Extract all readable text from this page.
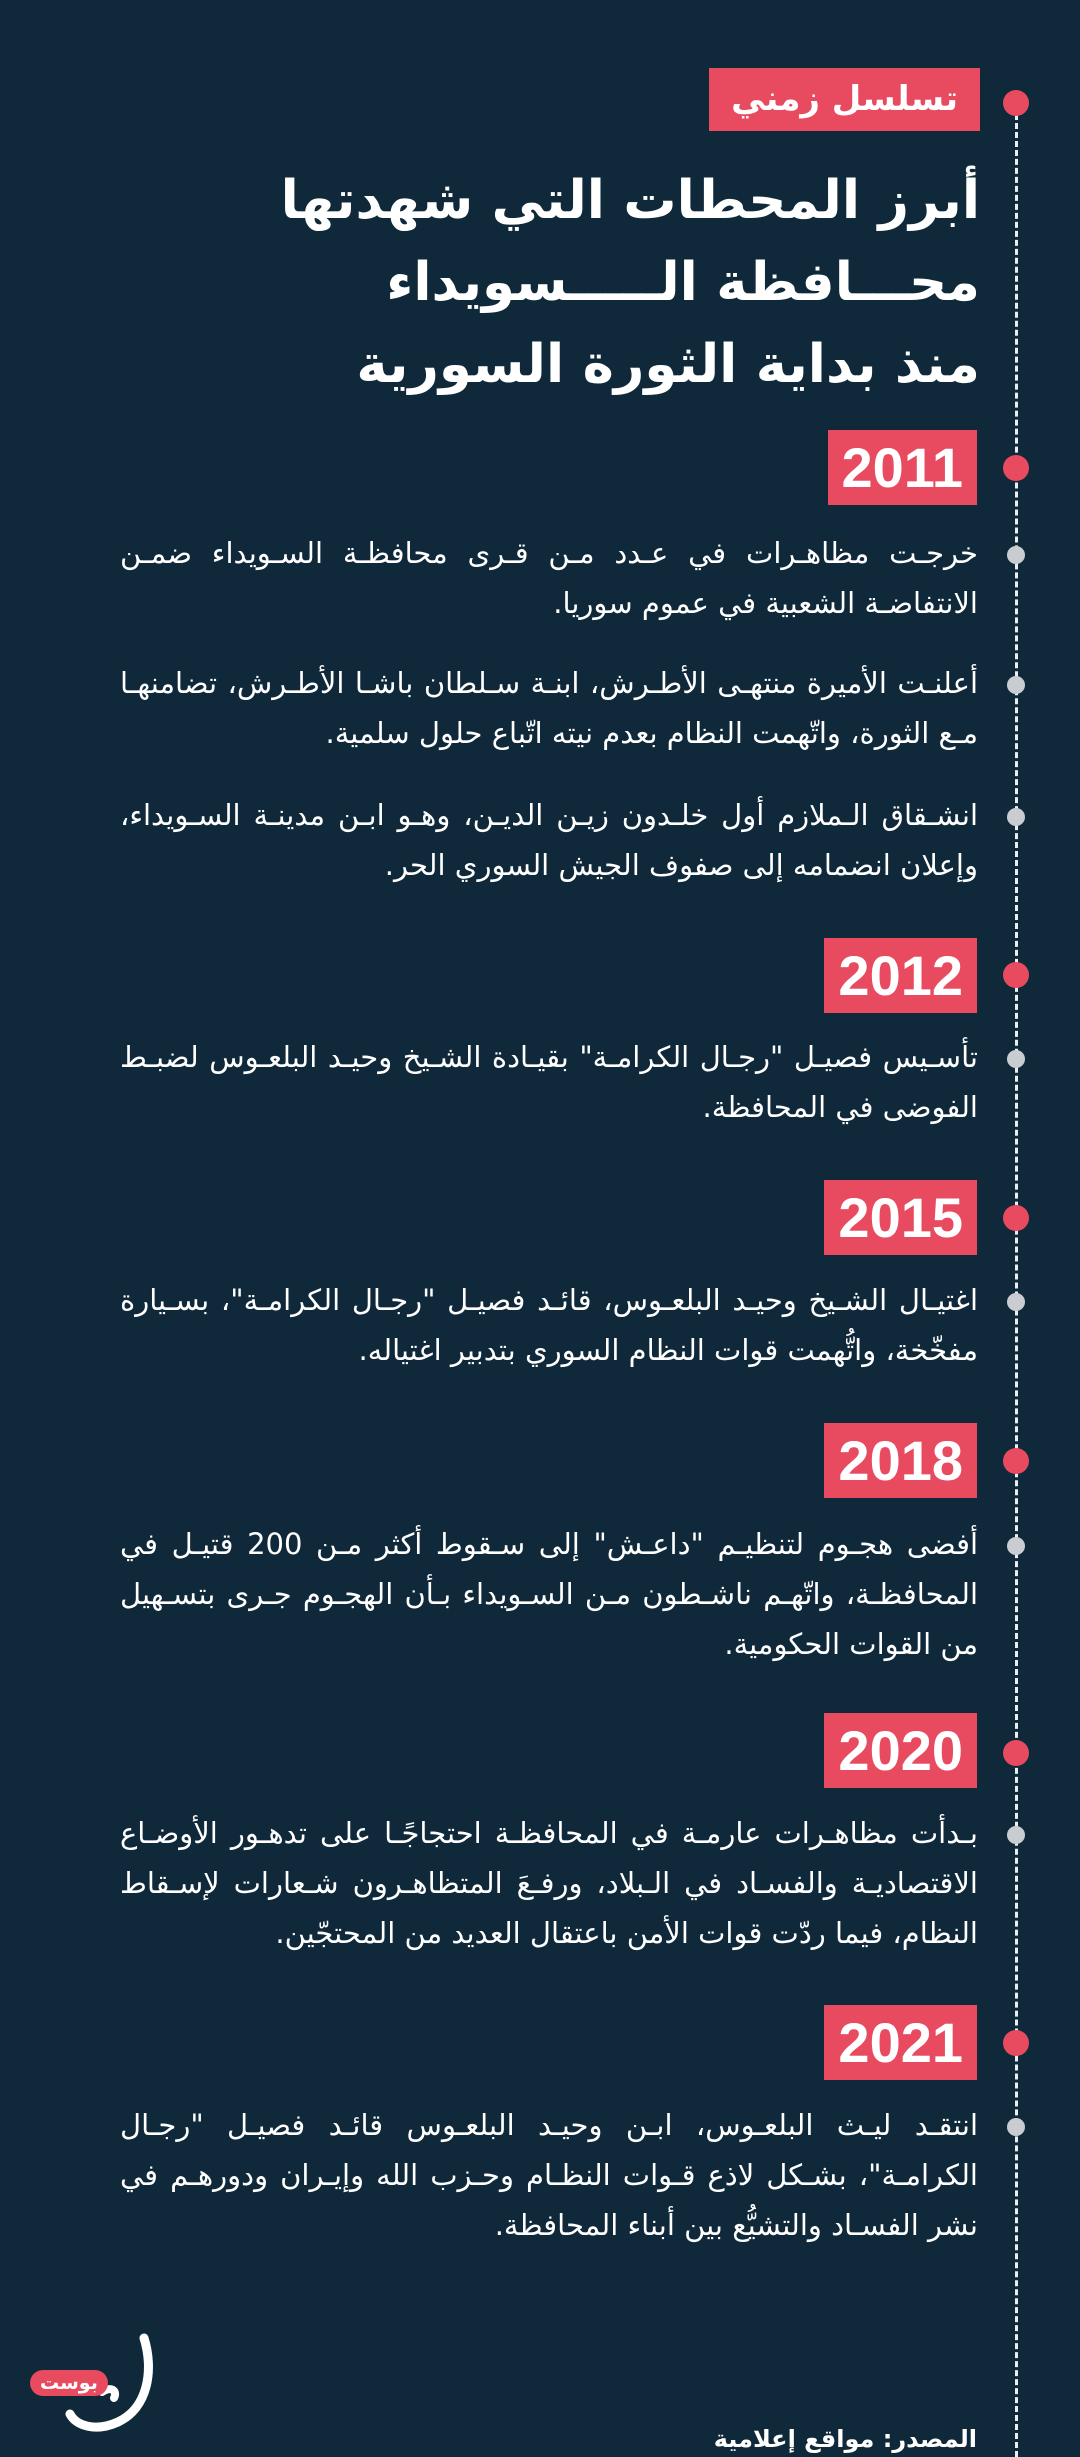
تسلسل زمني
أبرز المحطات التي شهدتها
محـــافظة الـــــسويداء
منذ بداية الثورة السورية
2011
خرجـت مظاهـرات في عـدد مـن قـرى محافظـة السـويداء ضمـن الانتفاضـة الشعبية في عموم سوريا.
أعلنـت الأميرة منتهـى الأطـرش، ابنـة سـلطان باشـا الأطـرش، تضامنهـا مـع الثورة، واتّهمت النظام بعدم نيته اتّباع حلول سلمية.
انشـقاق الـملازم أول خلـدون زيـن الديـن، وهـو ابـن مدينـة السـويداء، وإعلان انضمامه إلى صفوف الجيش السوري الحر.
2012
تأسـيس فصيـل "رجـال الكرامـة" بقيـادة الشـيخ وحيـد البلعـوس لضبـط الفوضى في المحافظة.
2015
اغتيـال الشـيخ وحيـد البلعـوس، قائـد فصيـل "رجـال الكرامـة"، بسـيارة مفخّخة، واتُّهمت قوات النظام السوري بتدبير اغتياله.
2018
أفضى هجـوم لتنظيـم "داعـش" إلى سـقوط أكثر مـن 200 قتيـل في المحافظـة، واتّهـم ناشـطون مـن السـويداء بـأن الهجـوم جـرى بتسـهيل من القوات الحكومية.
2020
بـدأت مظاهـرات عارمـة في المحافظـة احتجاجًـا على تدهـور الأوضـاع الاقتصاديـة والفسـاد في الـبلاد، ورفـعَ المتظاهـرون شـعارات لإسـقاط النظام، فيما ردّت قوات الأمن باعتقال العديد من المحتجّين.
2021
انتقـد ليـث البلعـوس، ابـن وحيـد البلعـوس قائـد فصيـل "رجـال الكرامـة"، بشـكل لاذع قـوات النظـام وحـزب الله وإيـران ودورهـم في نشر الفسـاد والتشيُّع بين أبناء المحافظة.
المصدر: مواقع إعلامية
بوست
